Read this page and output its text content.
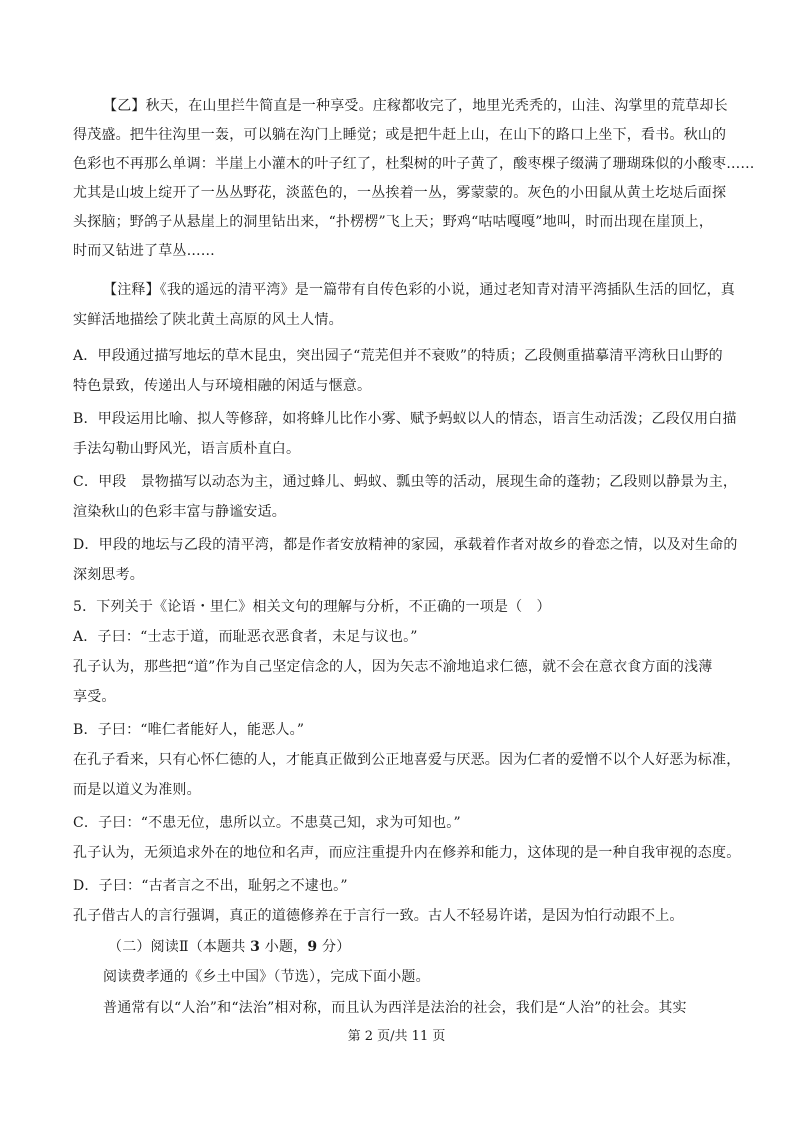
【乙】秋天，在山里拦牛简直是一种享受。庄稼都收完了，地里光秃秃的，山洼、沟掌里的荒草却长
得茂盛。把牛往沟里一轰，可以躺在沟门上睡觉；或是把牛赶上山，在山下的路口上坐下，看书。秋山的
色彩也不再那么单调：半崖上小灌木的叶子红了，杜梨树的叶子黄了，酸枣棵子缀满了珊瑚珠似的小酸枣……
尤其是山坡上绽开了一丛丛野花，淡蓝色的，一丛挨着一丛，雾蒙蒙的。灰色的小田鼠从黄土圪垯后面探
头探脑；野鸽子从悬崖上的洞里钻出来，“扑楞楞”飞上天；野鸡“咕咕嘎嘎”地叫，时而出现在崖顶上，
时而又钻进了草丛……
【注释】《我的遥远的清平湾》是一篇带有自传色彩的小说，通过老知青对清平湾插队生活的回忆，真
实鲜活地描绘了陕北黄土高原的风土人情。
A．甲段通过描写地坛的草木昆虫，突出园子“荒芜但并不衰败”的特质；乙段侧重描摹清平湾秋日山野的
特色景致，传递出人与环境相融的闲适与惬意。
B．甲段运用比喻、拟人等修辞，如将蜂儿比作小雾、赋予蚂蚁以人的情态，语言生动活泼；乙段仅用白描
手法勾勒山野风光，语言质朴直白。
C．甲段　景物描写以动态为主，通过蜂儿、蚂蚁、瓢虫等的活动，展现生命的蓬勃；乙段则以静景为主，
渲染秋山的色彩丰富与静谧安适。
D．甲段的地坛与乙段的清平湾，都是作者安放精神的家园，承载着作者对故乡的眷恋之情，以及对生命的
深刻思考。
5．下列关于《论语・里仁》相关文句的理解与分析，不正确的一项是（　）
A．子曰：“士志于道，而耻恶衣恶食者，未足与议也。”
孔子认为，那些把“道”作为自己坚定信念的人，因为矢志不渝地追求仁德，就不会在意衣食方面的浅薄
享受。
B．子曰：“唯仁者能好人，能恶人。”
在孔子看来，只有心怀仁德的人，才能真正做到公正地喜爱与厌恶。因为仁者的爱憎不以个人好恶为标准，
而是以道义为准则。
C．子曰：“不患无位，患所以立。不患莫己知，求为可知也。”
孔子认为，无须追求外在的地位和名声，而应注重提升内在修养和能力，这体现的是一种自我审视的态度。
D．子曰：“古者言之不出，耻躬之不逮也。”
孔子借古人的言行强调，真正的道德修养在于言行一致。古人不轻易许诺，是因为怕行动跟不上。
（二）阅读Ⅱ（本题共 3 小题，9 分）
阅读费孝通的《乡土中国》（节选），完成下面小题。
普通常有以“人治”和“法治”相对称，而且认为西洋是法治的社会，我们是“人治”的社会。其实
第 2 页/共 11 页
